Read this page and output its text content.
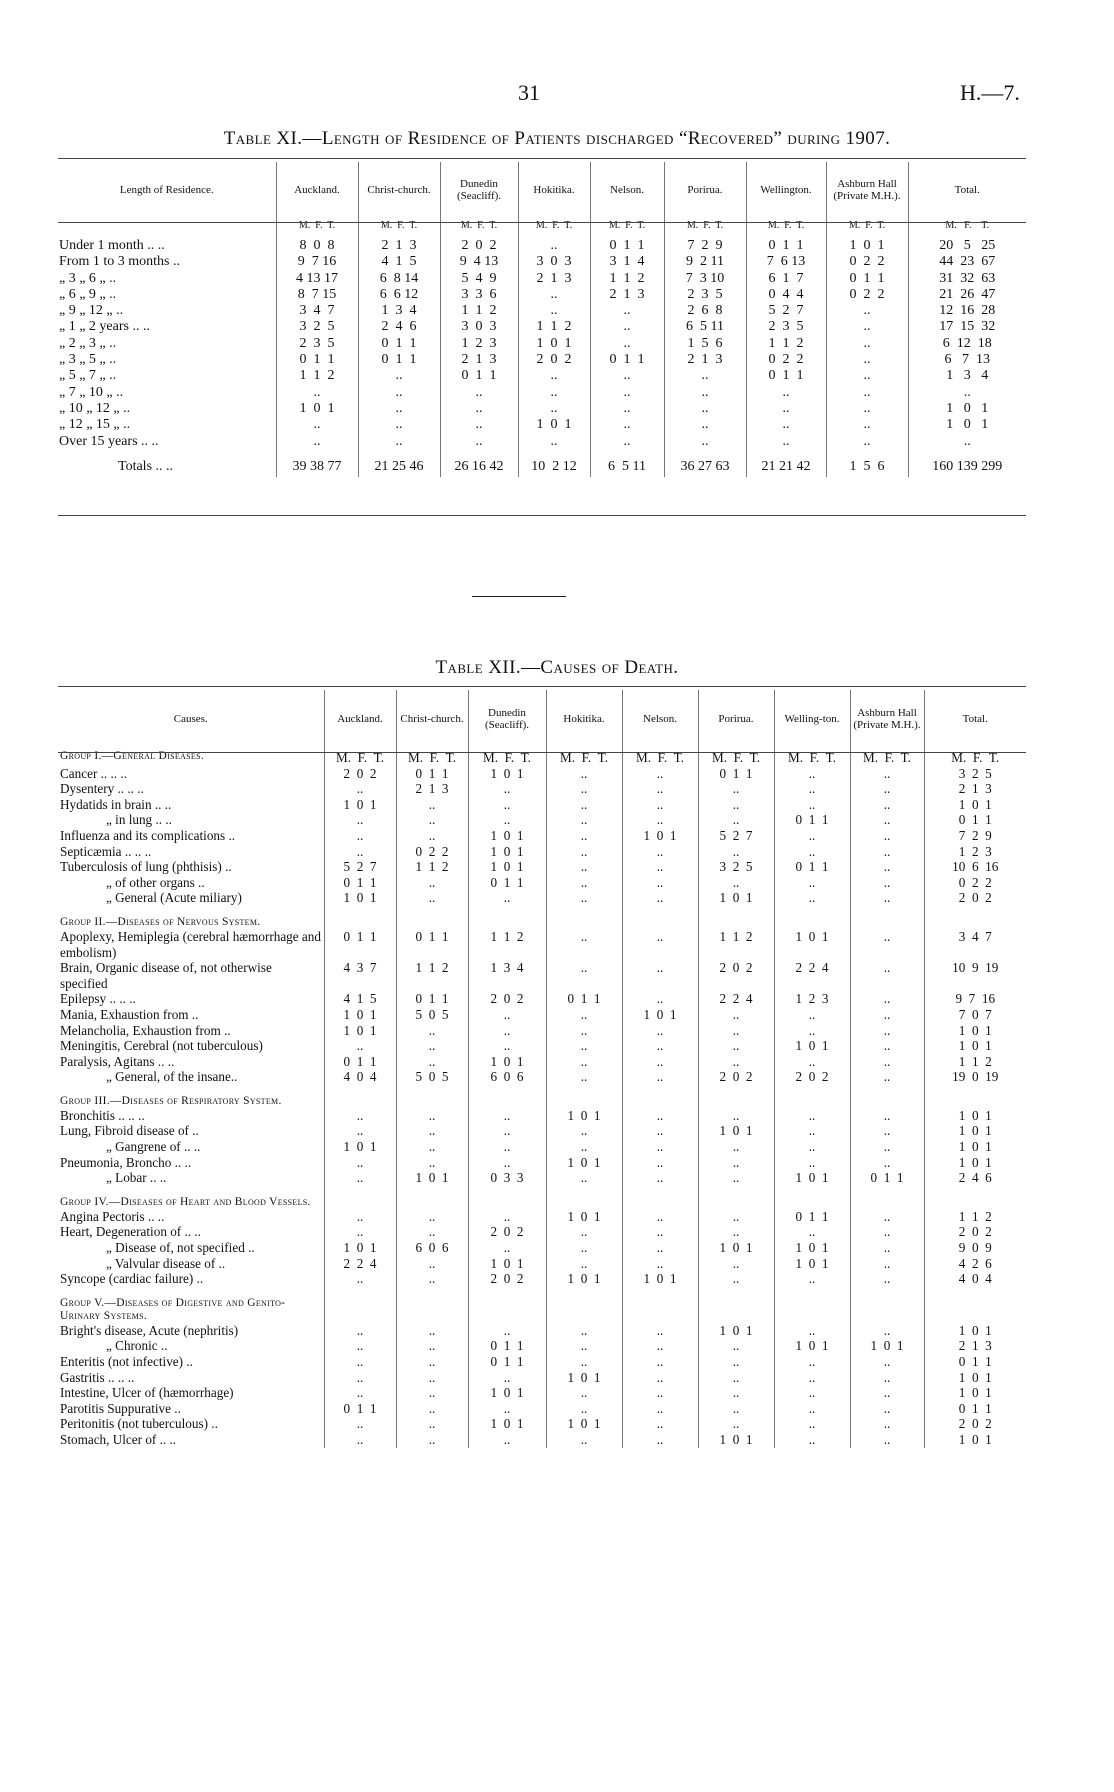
31	H.—7.
Table XI.—Length of Residence of Patients discharged “Recovered” during 1907.
Length of Residence.	Auckland.	Christ-church.	Dunedin (Seacliff).	Hokitika.	Nelson.	Porirua.	Wellington.	Ashburn Hall (Private M.H.).	Total.
	M.  F.  T.	M.  F.  T.	M.  F.  T.	M.  F.  T.	M.  F.  T.	M.  F.  T.	M.  F.  T.	M.  F.  T.	M.   F.    T.
Under 1 month .. ..	8  0  8	2  1  3	2  0  2	..	0  1  1	7  2  9	0  1  1	1  0  1	20   5   25
From 1 to 3 months ..	9  7 16	4  1  5	9  4 13	3  0  3	3  1  4	9  2 11	7  6 13	0  2  2	44  23  67
„ 3 „ 6 „ ..	4 13 17	6  8 14	5  4  9	2  1  3	1  1  2	7  3 10	6  1  7	0  1  1	31  32  63
„ 6 „ 9 „ ..	8  7 15	6  6 12	3  3  6	..	2  1  3	2  3  5	0  4  4	0  2  2	21  26  47
„ 9 „ 12 „ ..	3  4  7	1  3  4	1  1  2	..	..	2  6  8	5  2  7	..	12  16  28
„ 1 „ 2 years .. ..	3  2  5	2  4  6	3  0  3	1  1  2	..	6  5 11	2  3  5	..	17  15  32
„ 2 „ 3 „ ..	2  3  5	0  1  1	1  2  3	1  0  1	..	1  5  6	1  1  2	..	6  12  18
„ 3 „ 5 „ ..	0  1  1	0  1  1	2  1  3	2  0  2	0  1  1	2  1  3	0  2  2	..	6   7  13
„ 5 „ 7 „ ..	1  1  2	..	0  1  1	..	..	..	0  1  1	..	1   3   4
„ 7 „ 10 „ ..	..	..	..	..	..	..	..	..	..
„ 10 „ 12 „ ..	1  0  1	..	..	..	..	..	..	..	1   0   1
„ 12 „ 15 „ ..	..	..	..	1  0  1	..	..	..	..	1   0   1
Over 15 years .. ..	..	..	..	..	..	..	..	..	..

Totals .. ..	39 38 77	21 25 46	26 16 42	10  2 12	6  5 11	36 27 63	21 21 42	1  5  6	160 139 299
Table XII.—Causes of Death.
Causes.	Auckland.	Christ-church.	Dunedin (Seacliff).	Hokitika.	Nelson.	Porirua.	Welling-ton.	Ashburn Hall (Private M.H.).	Total.
Group I.—General Diseases.	M.  F.  T.	M.  F.  T.	M.  F.  T.	M.  F.  T.	M.  F.  T.	M.  F.  T.	M.  F.  T.	M.  F.  T.	M.  F.  T.
Cancer .. .. ..	2  0  2	0  1  1	1  0  1	..	..	0  1  1	..	..	3  2  5
Dysentery .. .. ..	..	2  1  3	..	..	..	..	..	..	2  1  3
Hydatids in brain .. ..	1  0  1	..	..	..	..	..	..	..	1  0  1
„ in lung .. ..	..	..	..	..	..	..	0  1  1	..	0  1  1
Influenza and its complications ..	..	..	1  0  1	..	1  0  1	5  2  7	..	..	7  2  9
Septicæmia .. .. ..	..	0  2  2	1  0  1	..	..	..	..	..	1  2  3
Tuberculosis of lung (phthisis) ..	5  2  7	1  1  2	1  0  1	..	..	3  2  5	0  1  1	..	10  6  16
„ of other organs ..	0  1  1	..	0  1  1	..	..	..	..	..	0  2  2
„ General (Acute miliary)	1  0  1	..	..	..	..	1  0  1	..	..	2  0  2

Group II.—Diseases of Nervous System.									
Apoplexy, Hemiplegia (cerebral hæmorrhage and embolism)	0  1  1	0  1  1	1  1  2	..	..	1  1  2	1  0  1	..	3  4  7
Brain, Organic disease of, not otherwise specified	4  3  7	1  1  2	1  3  4	..	..	2  0  2	2  2  4	..	10  9  19
Epilepsy .. .. ..	4  1  5	0  1  1	2  0  2	0  1  1	..	2  2  4	1  2  3	..	9  7  16
Mania, Exhaustion from ..	1  0  1	5  0  5	..	..	1  0  1	..	..	..	7  0  7
Melancholia, Exhaustion from ..	1  0  1	..	..	..	..	..	..	..	1  0  1
Meningitis, Cerebral (not tuberculous)	..	..	..	..	..	..	1  0  1	..	1  0  1
Paralysis, Agitans .. ..	0  1  1	..	1  0  1	..	..	..	..	..	1  1  2
„ General, of the insane..	4  0  4	5  0  5	6  0  6	..	..	2  0  2	2  0  2	..	19  0  19

Group III.—Diseases of Respiratory System.									
Bronchitis .. .. ..	..	..	..	1  0  1	..	..	..	..	1  0  1
Lung, Fibroid disease of ..	..	..	..	..	..	1  0  1	..	..	1  0  1
„ Gangrene of .. ..	1  0  1	..	..	..	..	..	..	..	1  0  1
Pneumonia, Broncho .. ..	..	..	..	1  0  1	..	..	..	..	1  0  1
„ Lobar .. ..	..	1  0  1	0  3  3	..	..	..	1  0  1	0  1  1	2  4  6

Group IV.—Diseases of Heart and Blood Vessels.									
Angina Pectoris .. ..	..	..	..	1  0  1	..	..	0  1  1	..	1  1  2
Heart, Degeneration of .. ..	..	..	2  0  2	..	..	..	..	..	2  0  2
„ Disease of, not specified ..	1  0  1	6  0  6	..	..	..	1  0  1	1  0  1	..	9  0  9
„ Valvular disease of ..	2  2  4	..	1  0  1	..	..	..	1  0  1	..	4  2  6
Syncope (cardiac failure) ..	..	..	2  0  2	1  0  1	1  0  1	..	..	..	4  0  4

Group V.—Diseases of Digestive and Genito-Urinary Systems.									
Bright's disease, Acute (nephritis)	..	..	..	..	..	1  0  1	..	..	1  0  1
„ Chronic ..	..	..	0  1  1	..	..	..	1  0  1	1  0  1	2  1  3
Enteritis (not infective) ..	..	..	0  1  1	..	..	..	..	..	0  1  1
Gastritis .. .. ..	..	..	..	1  0  1	..	..	..	..	1  0  1
Intestine, Ulcer of (hæmorrhage)	..	..	1  0  1	..	..	..	..	..	1  0  1
Parotitis Suppurative ..	0  1  1	..	..	..	..	..	..	..	0  1  1
Peritonitis (not tuberculous) ..	..	..	1  0  1	1  0  1	..	..	..	..	2  0  2
Stomach, Ulcer of .. ..	..	..	..	..	..	1  0  1	..	..	1  0  1
